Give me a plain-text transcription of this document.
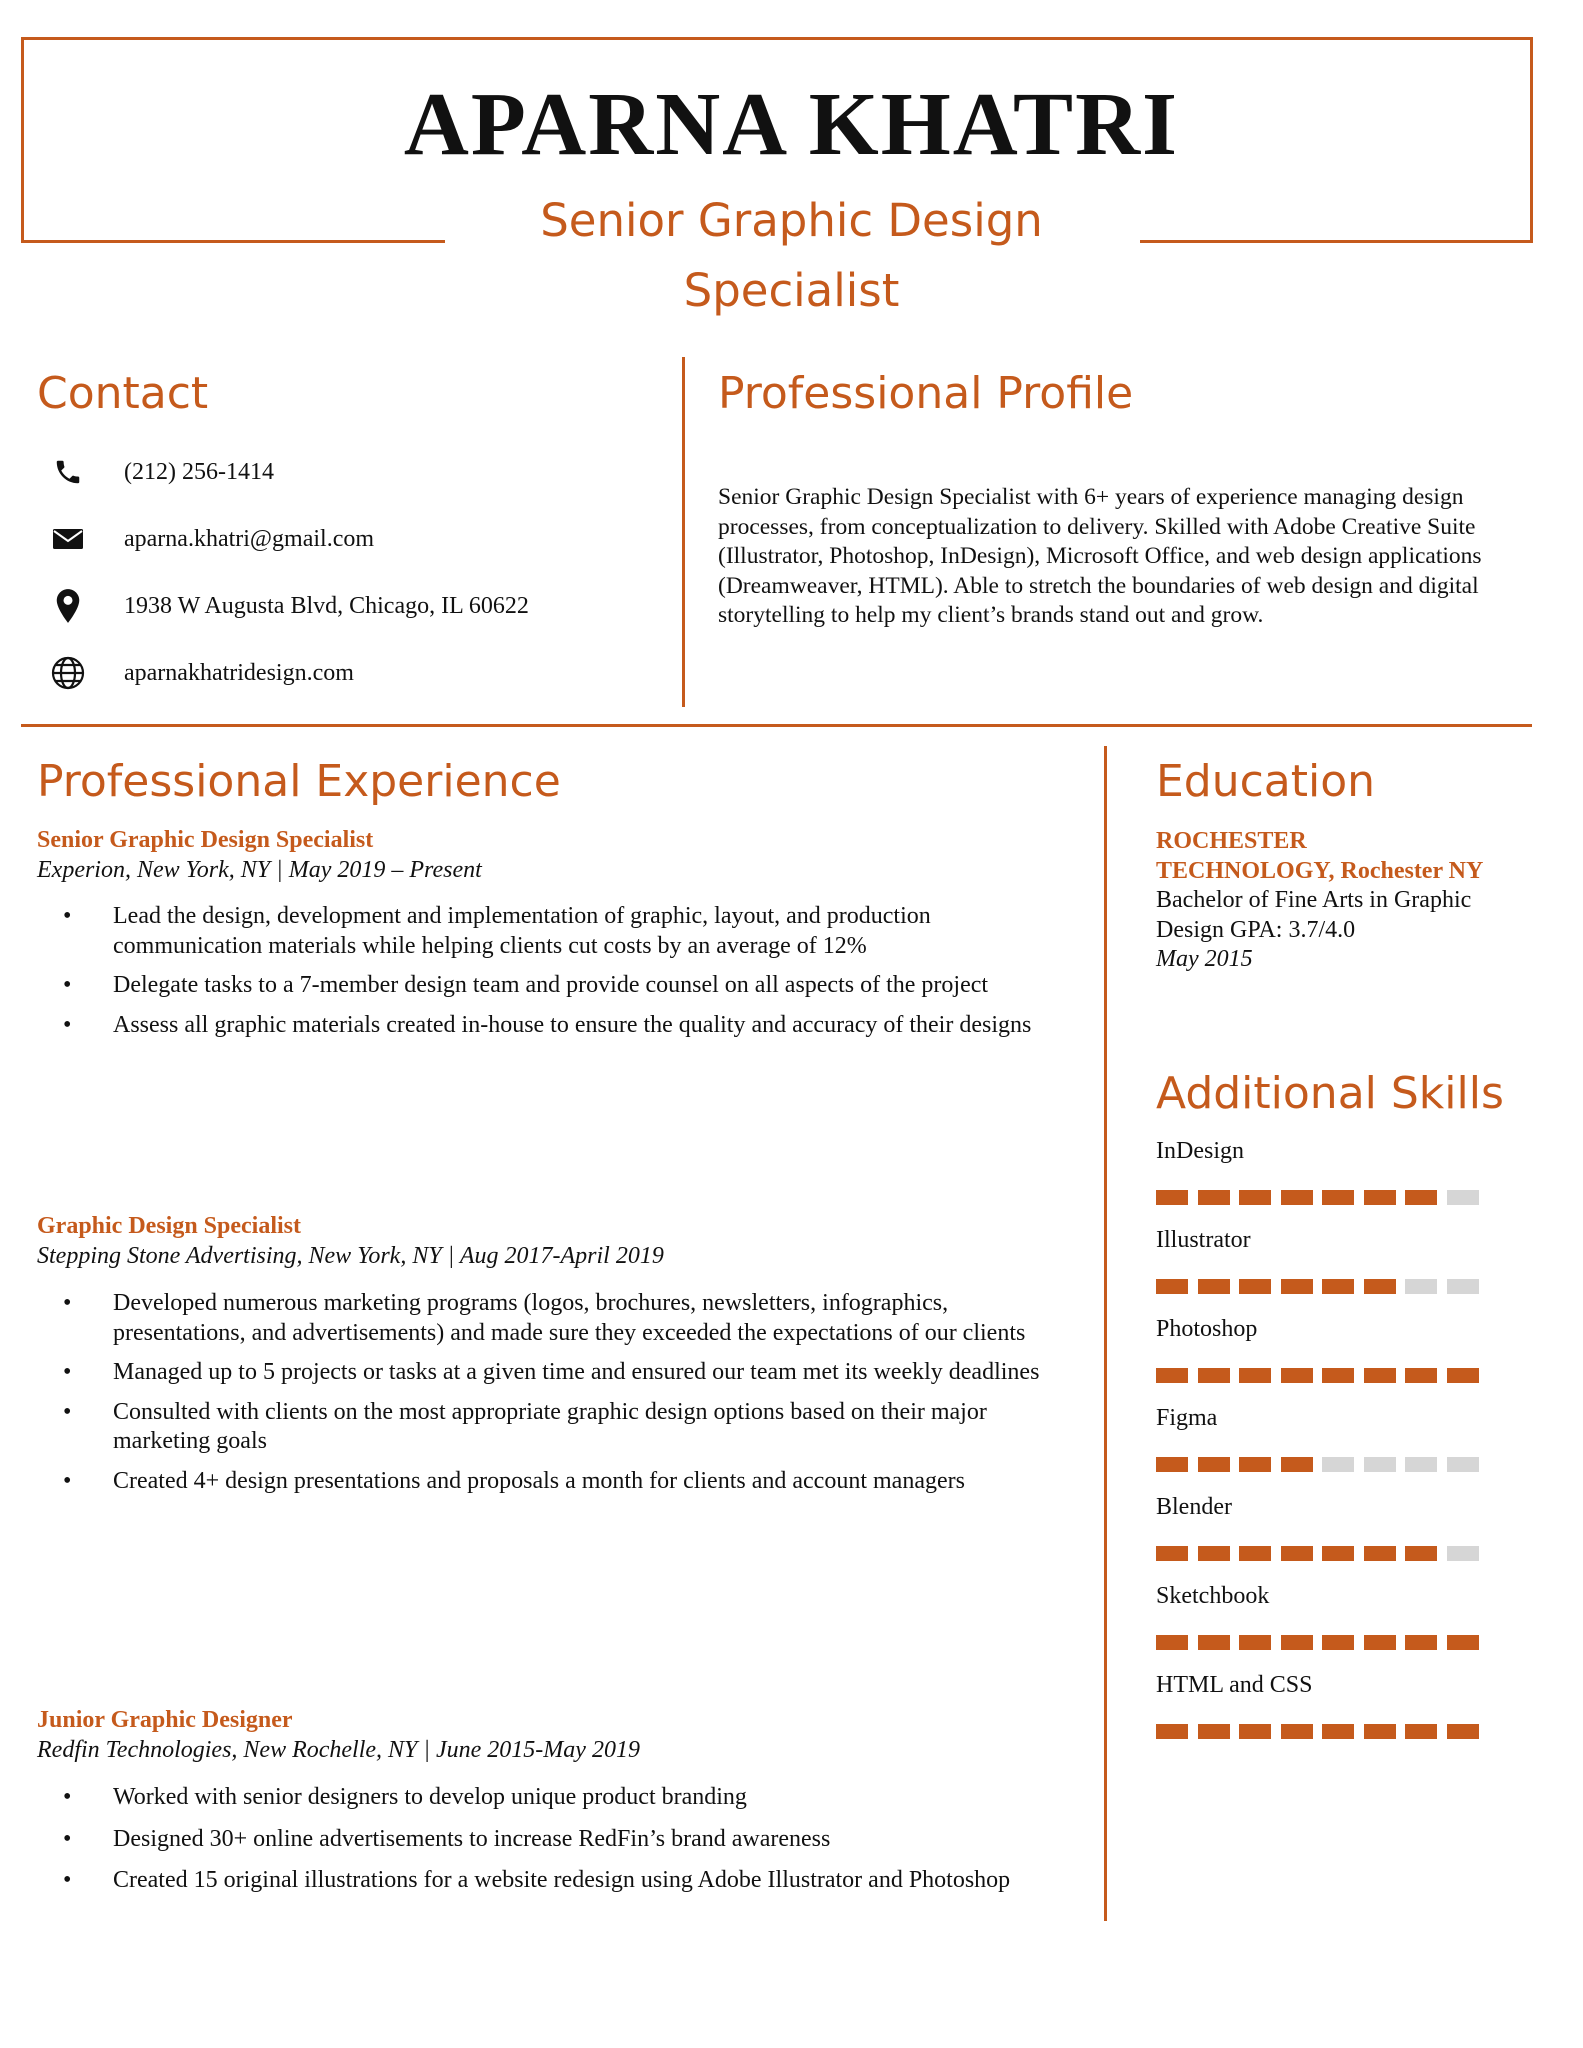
APARNA KHATRI
Senior Graphic Design
Specialist
Contact
(212) 256-1414
aparna.khatri@gmail.com
1938 W Augusta Blvd, Chicago, IL 60622
aparnakhatridesign.com
Professional Profile
Senior Graphic Design Specialist with 6+ years of experience managing design processes, from conceptualization to delivery. Skilled with Adobe Creative Suite (Illustrator, Photoshop, InDesign), Microsoft Office, and web design applications (Dreamweaver, HTML). Able to stretch the boundaries of web design and digital storytelling to help my client’s brands stand out and grow.
Professional Experience
Senior Graphic Design Specialist
Experion, New York, NY | May 2019 – Present
• Lead the design, development and implementation of graphic, layout, and production communication materials while helping clients cut costs by an average of 12%
• Delegate tasks to a 7-member design team and provide counsel on all aspects of the project
• Assess all graphic materials created in-house to ensure the quality and accuracy of their designs
Graphic Design Specialist
Stepping Stone Advertising, New York, NY | Aug 2017-April 2019
• Developed numerous marketing programs (logos, brochures, newsletters, infographics, presentations, and advertisements) and made sure they exceeded the expectations of our clients
• Managed up to 5 projects or tasks at a given time and ensured our team met its weekly deadlines
• Consulted with clients on the most appropriate graphic design options based on their major marketing goals
• Created 4+ design presentations and proposals a month for clients and account managers
Junior Graphic Designer
Redfin Technologies, New Rochelle, NY | June 2015-May 2019
• Worked with senior designers to develop unique product branding
• Designed 30+ online advertisements to increase RedFin’s brand awareness
• Created 15 original illustrations for a website redesign using Adobe Illustrator and Photoshop
Education
ROCHESTER
TECHNOLOGY, Rochester NY
Bachelor of Fine Arts in Graphic Design GPA: 3.7/4.0
May 2015
Additional Skills
InDesign
Illustrator
Photoshop
Figma
Blender
Sketchbook
HTML and CSS
